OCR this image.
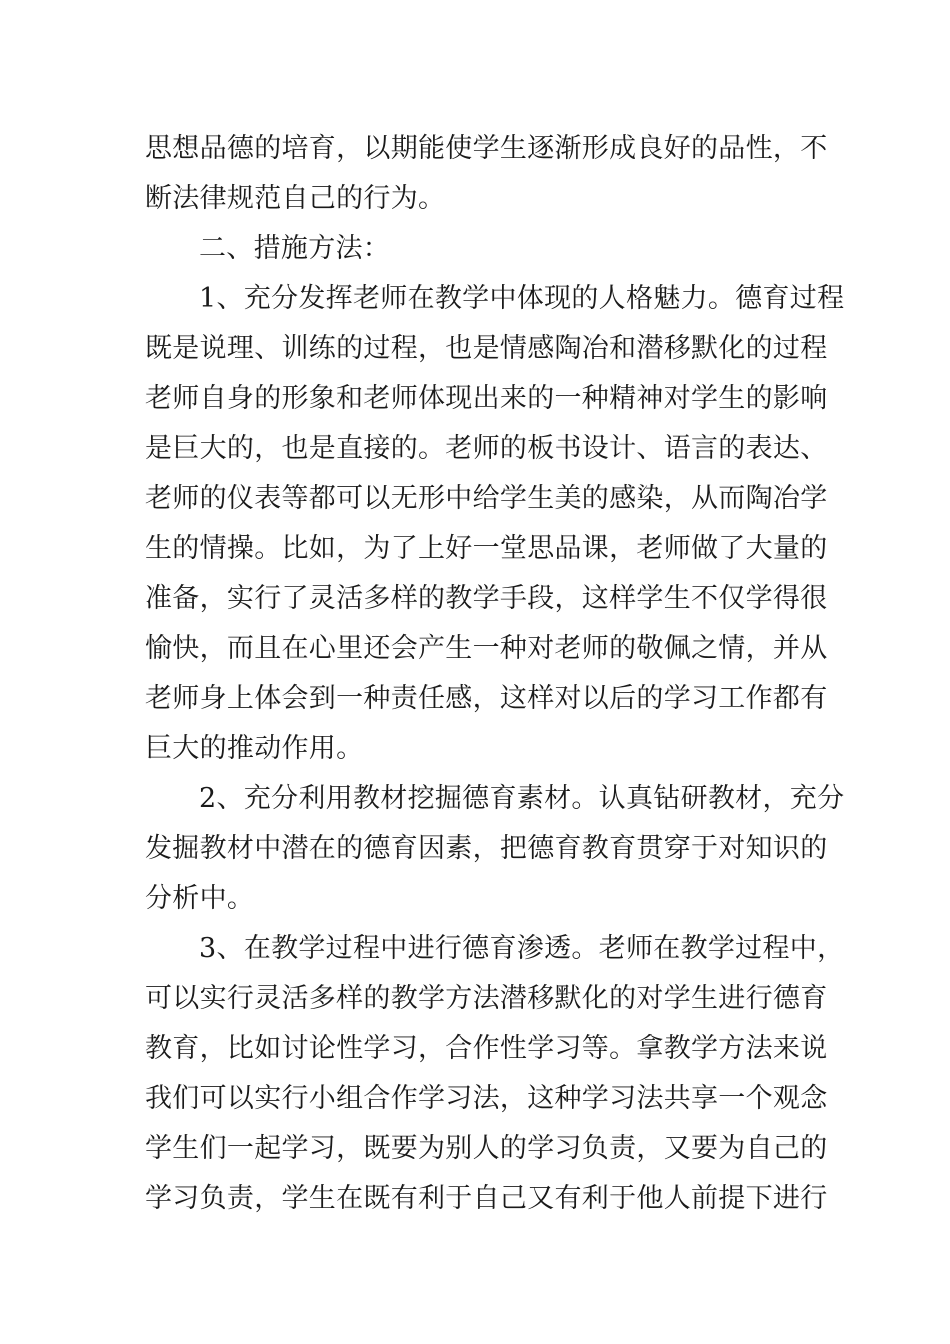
思想品德的培育，以期能使学生逐渐形成良好的品性，不
断法律规范自己的行为。
二、措施方法：
1、充分发挥老师在教学中体现的人格魅力。德育过程
既是说理、训练的过程，也是情感陶冶和潜移默化的过程
老师自身的形象和老师体现出来的一种精神对学生的影响
是巨大的，也是直接的。老师的板书设计、语言的表达、
老师的仪表等都可以无形中给学生美的感染，从而陶冶学
生的情操。比如，为了上好一堂思品课，老师做了大量的
准备，实行了灵活多样的教学手段，这样学生不仅学得很
愉快，而且在心里还会产生一种对老师的敬佩之情，并从
老师身上体会到一种责任感，这样对以后的学习工作都有
巨大的推动作用。
2、充分利用教材挖掘德育素材。认真钻研教材，充分
发掘教材中潜在的德育因素，把德育教育贯穿于对知识的
分析中。
3、在教学过程中进行德育渗透。老师在教学过程中，
可以实行灵活多样的教学方法潜移默化的对学生进行德育
教育，比如讨论性学习，合作性学习等。拿教学方法来说
我们可以实行小组合作学习法，这种学习法共享一个观念
学生们一起学习，既要为别人的学习负责，又要为自己的
学习负责，学生在既有利于自己又有利于他人前提下进行
